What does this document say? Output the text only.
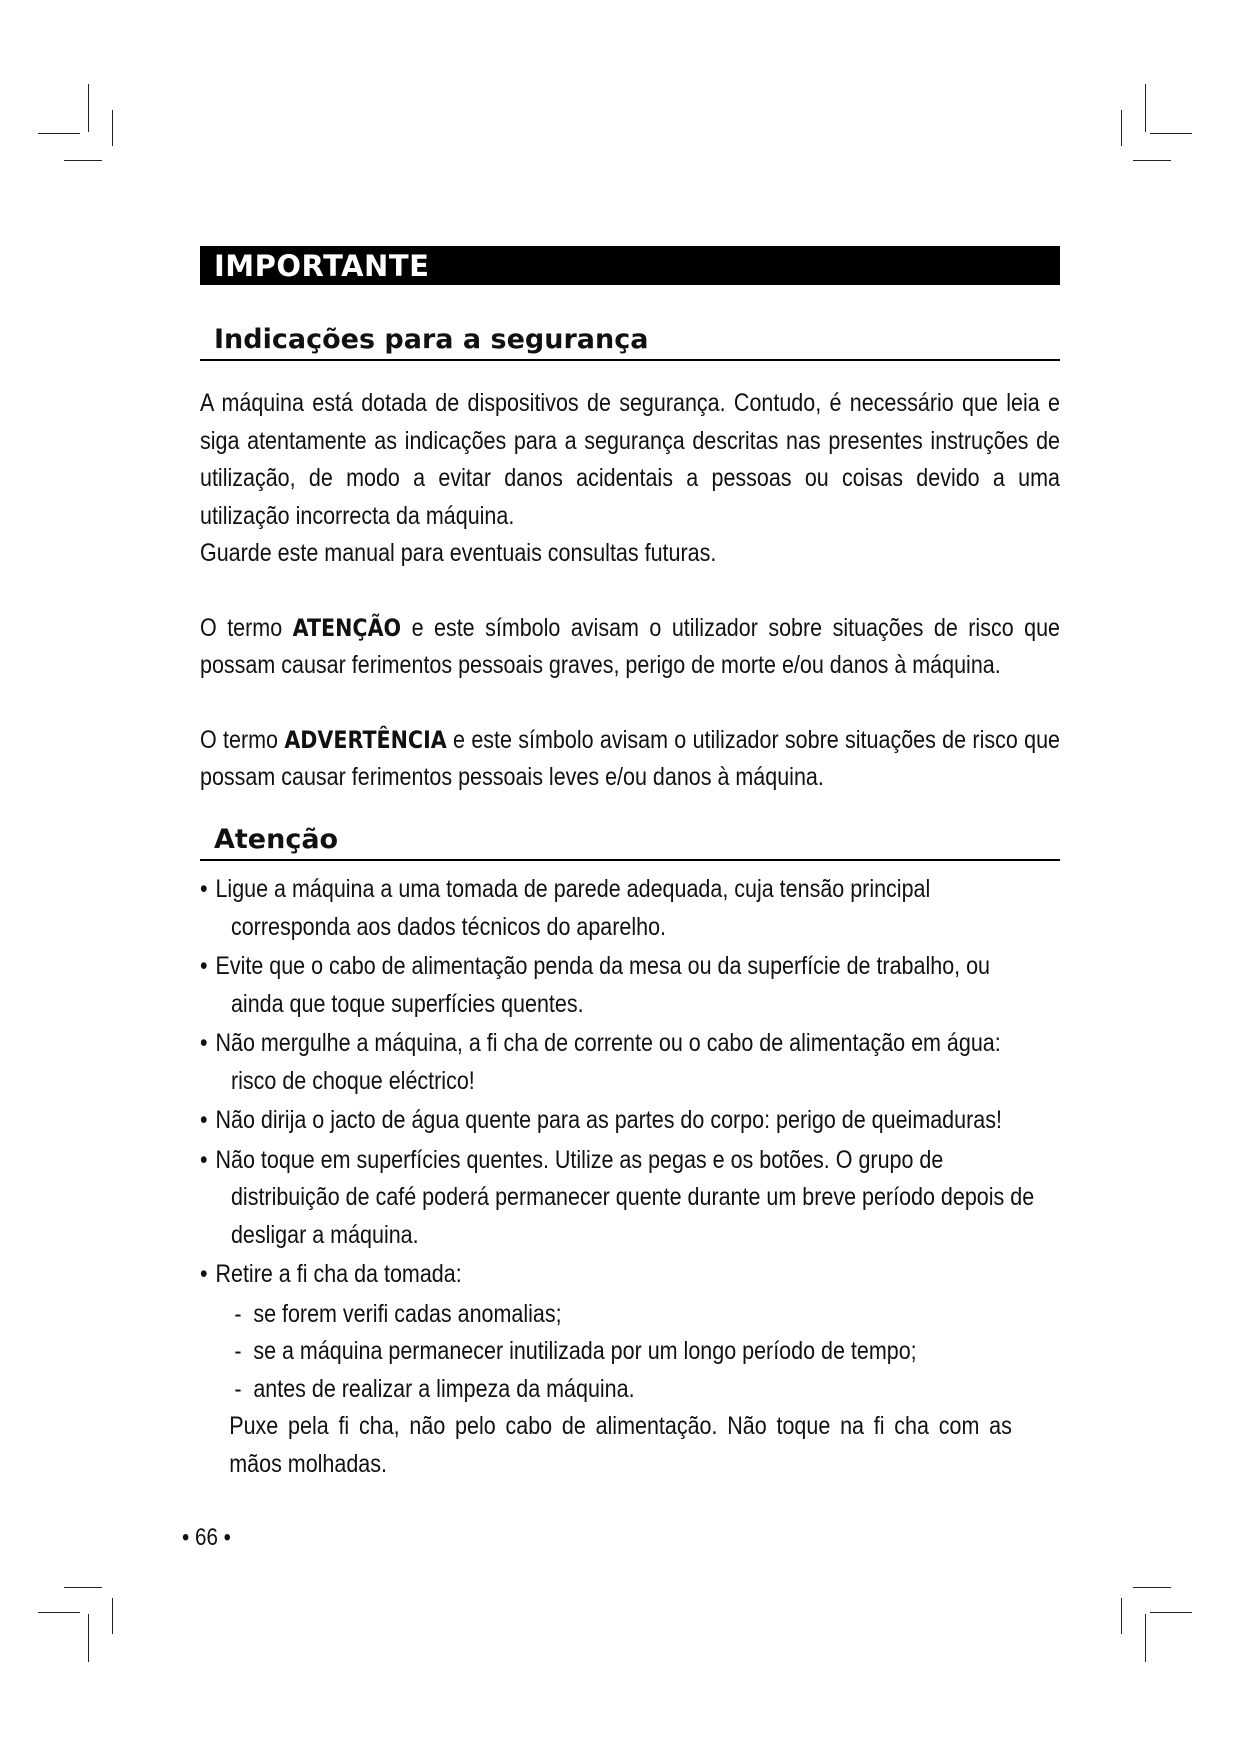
IMPORTANTE
Indicações para a segurança
A máquina está dotada de dispositivos de segurança. Contudo, é necessário que leia e siga atentamente as indicações para a segurança descritas nas presentes instruções de utilização, de modo a evitar danos acidentais a pessoas ou coisas devido a uma utilização incorrecta da máquina.
Guarde este manual para eventuais consultas futuras.
O termo ATENÇÃO e este símbolo avisam o utilizador sobre situações de risco que possam causar ferimentos pessoais graves, perigo de morte e/ou danos à máquina.
O termo ADVERTÊNCIA e este símbolo avisam o utilizador sobre situações de risco que possam causar ferimentos pessoais leves e/ou danos à máquina.
Atenção
• Ligue a máquina a uma tomada de parede adequada, cuja tensão principal corresponda aos dados técnicos do aparelho.
• Evite que o cabo de alimentação penda da mesa ou da superfície de trabalho, ou ainda que toque superfícies quentes.
• Não mergulhe a máquina, a fi cha de corrente ou o cabo de alimentação em água: risco de choque eléctrico!
• Não dirija o jacto de água quente para as partes do corpo: perigo de queimaduras!
• Não toque em superfícies quentes. Utilize as pegas e os botões. O grupo de distribuição de café poderá permanecer quente durante um breve período depois de desligar a máquina.
• Retire a fi cha da tomada:
- se forem verifi cadas anomalias;
- se a máquina permanecer inutilizada por um longo período de tempo;
- antes de realizar a limpeza da máquina.
Puxe pela fi cha, não pelo cabo de alimentação. Não toque na fi cha com as mãos molhadas.
• 66 •
